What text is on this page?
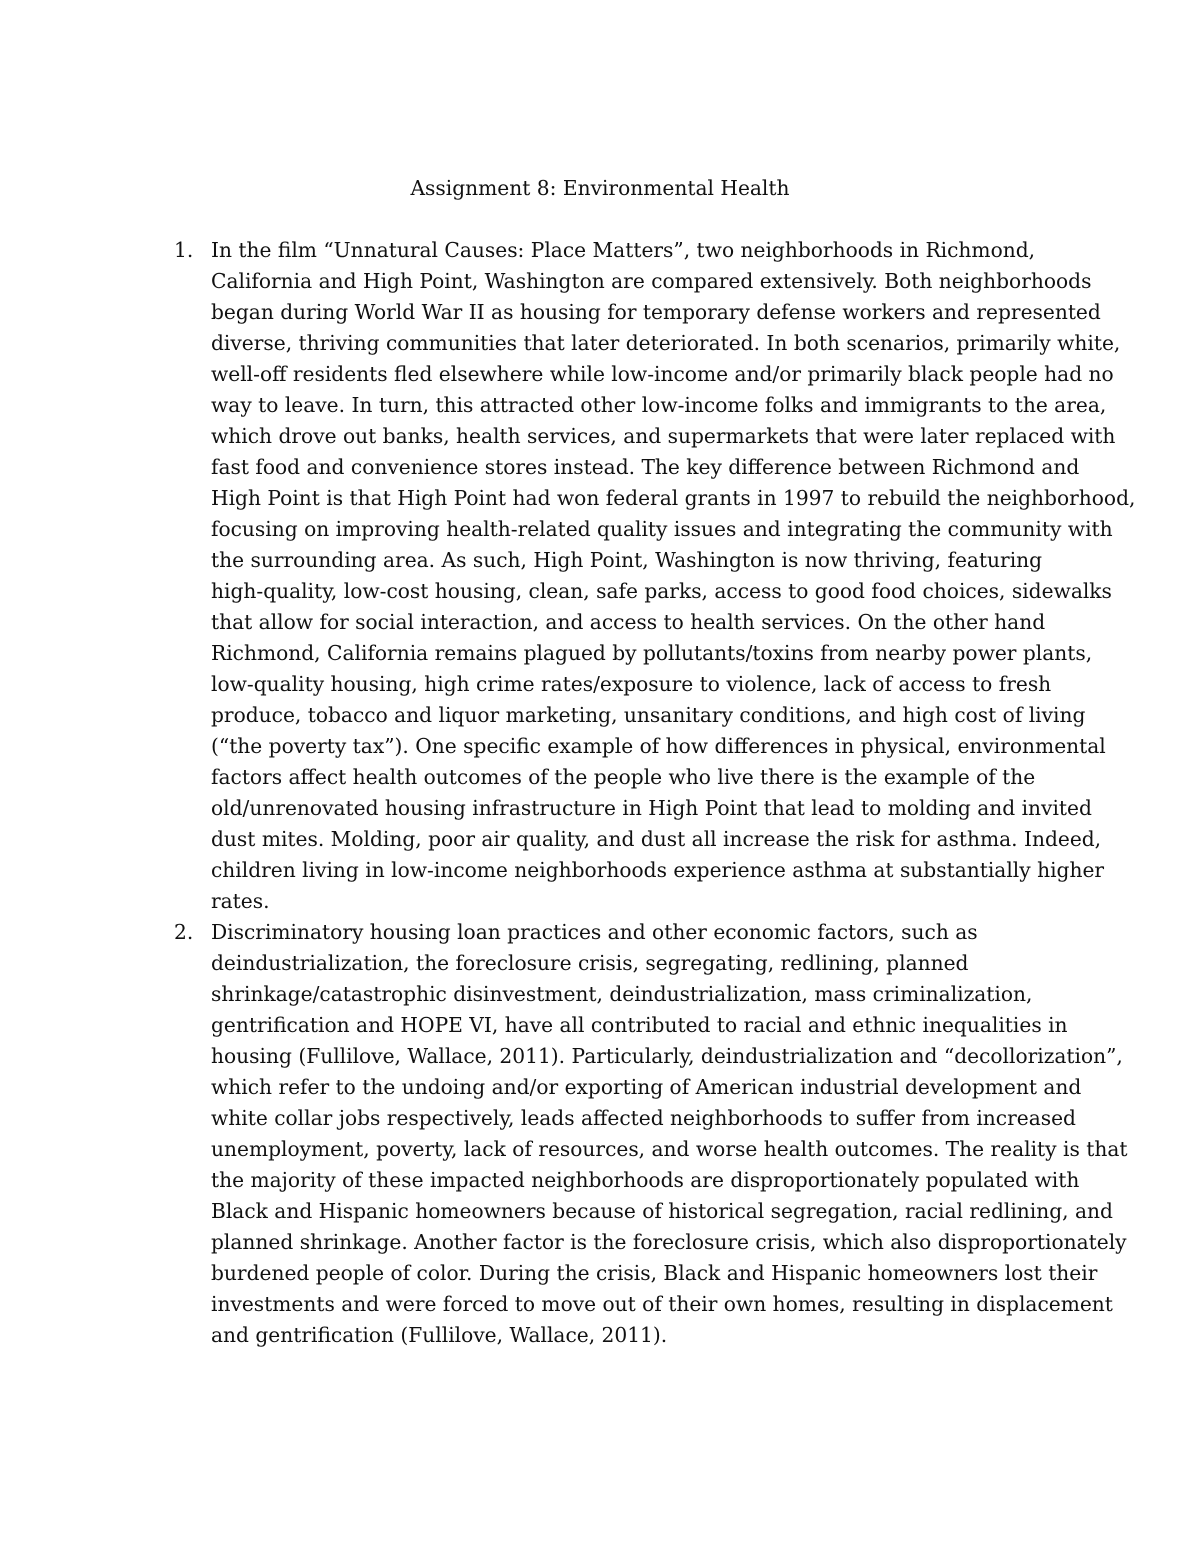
Assignment 8: Environmental Health
1. In the film “Unnatural Causes: Place Matters”, two neighborhoods in Richmond,
California and High Point, Washington are compared extensively. Both neighborhoods
began during World War II as housing for temporary defense workers and represented
diverse, thriving communities that later deteriorated. In both scenarios, primarily white,
well-off residents fled elsewhere while low-income and/or primarily black people had no
way to leave. In turn, this attracted other low-income folks and immigrants to the area,
which drove out banks, health services, and supermarkets that were later replaced with
fast food and convenience stores instead. The key difference between Richmond and
High Point is that High Point had won federal grants in 1997 to rebuild the neighborhood,
focusing on improving health-related quality issues and integrating the community with
the surrounding area. As such, High Point, Washington is now thriving, featuring
high-quality, low-cost housing, clean, safe parks, access to good food choices, sidewalks
that allow for social interaction, and access to health services. On the other hand
Richmond, California remains plagued by pollutants/toxins from nearby power plants,
low-quality housing, high crime rates/exposure to violence, lack of access to fresh
produce, tobacco and liquor marketing, unsanitary conditions, and high cost of living
(“the poverty tax”). One specific example of how differences in physical, environmental
factors affect health outcomes of the people who live there is the example of the
old/unrenovated housing infrastructure in High Point that lead to molding and invited
dust mites. Molding, poor air quality, and dust all increase the risk for asthma. Indeed,
children living in low-income neighborhoods experience asthma at substantially higher
rates.
2. Discriminatory housing loan practices and other economic factors, such as
deindustrialization, the foreclosure crisis, segregating, redlining, planned
shrinkage/catastrophic disinvestment, deindustrialization, mass criminalization,
gentrification and HOPE VI, have all contributed to racial and ethnic inequalities in
housing (Fullilove, Wallace, 2011). Particularly, deindustrialization and “decollorization”,
which refer to the undoing and/or exporting of American industrial development and
white collar jobs respectively, leads affected neighborhoods to suffer from increased
unemployment, poverty, lack of resources, and worse health outcomes. The reality is that
the majority of these impacted neighborhoods are disproportionately populated with
Black and Hispanic homeowners because of historical segregation, racial redlining, and
planned shrinkage. Another factor is the foreclosure crisis, which also disproportionately
burdened people of color. During the crisis, Black and Hispanic homeowners lost their
investments and were forced to move out of their own homes, resulting in displacement
and gentrification (Fullilove, Wallace, 2011).
